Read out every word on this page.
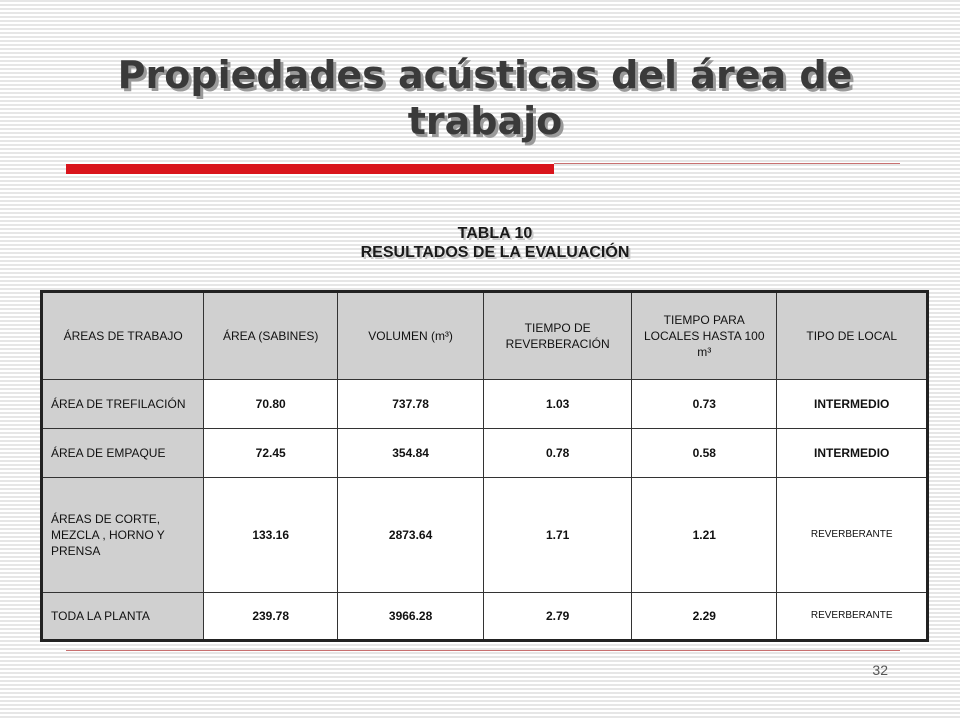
Propiedades acústicas del área de trabajo
TABLA 10
RESULTADOS DE LA EVALUACIÓN
ÁREAS DE TRABAJO	ÁREA (SABINES)	VOLUMEN (m³)	TIEMPO DE REVERBERACIÓN	TIEMPO PARA LOCALES HASTA 100 m³	TIPO DE LOCAL
ÁREA DE TREFILACIÓN	70.80	737.78	1.03	0.73	INTERMEDIO
ÁREA DE EMPAQUE	72.45	354.84	0.78	0.58	INTERMEDIO
ÁREAS DE CORTE, MEZCLA , HORNO Y PRENSA	133.16	2873.64	1.71	1.21	REVERBERANTE
TODA LA PLANTA	239.78	3966.28	2.79	2.29	REVERBERANTE
32
